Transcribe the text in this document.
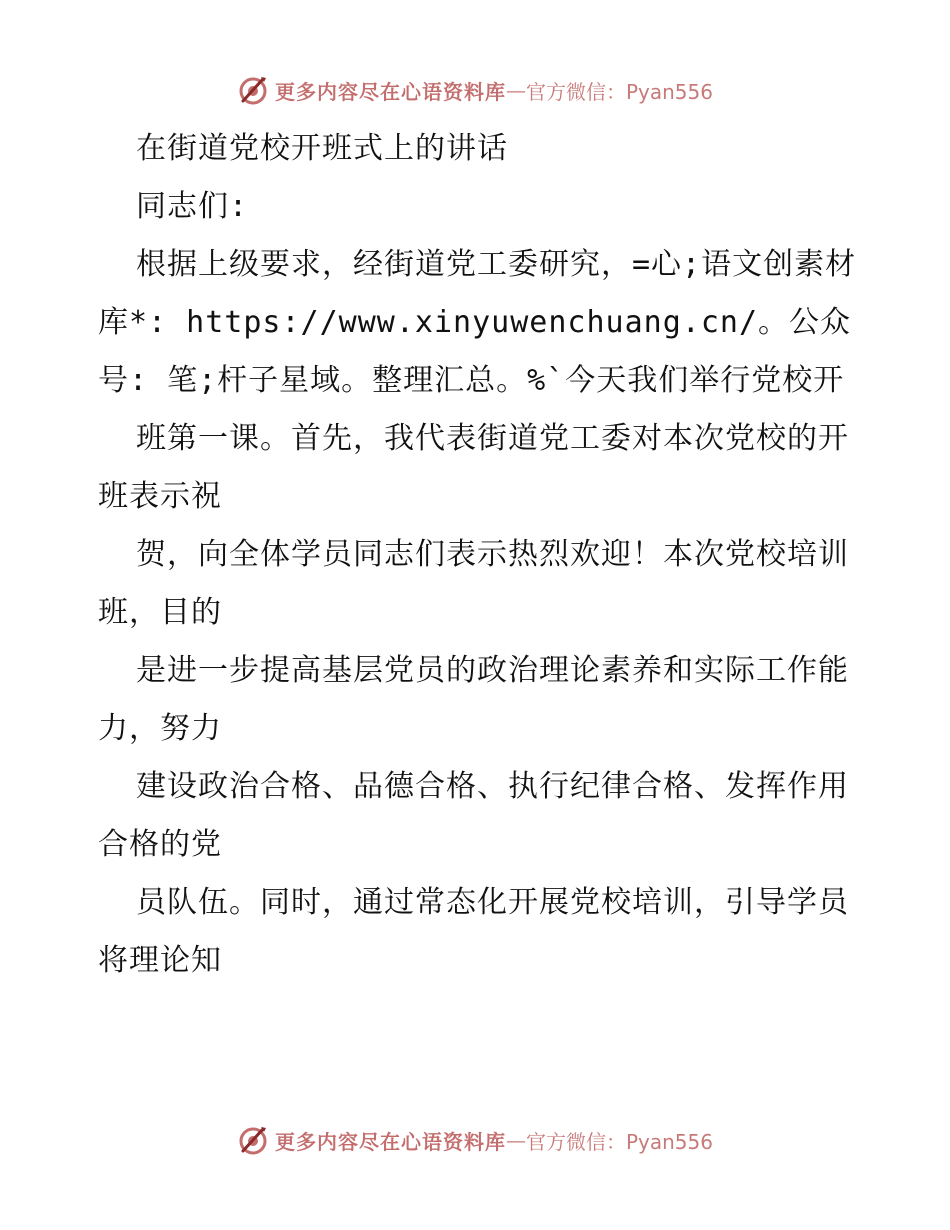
更多内容尽在心语资料库 — 官方微信：Pyan556

在街道党校开班式上的讲话

同志们:

根据上级要求，经街道党工委研究，=心;语文创素材库*: https://www.xinyuwenchuang.cn/。公众号: 笔;杆子星域。整理汇总。%`今天我们举行党校开

班第一课。首先，我代表街道党工委对本次党校的开班表示祝

贺，向全体学员同志们表示热烈欢迎！本次党校培训班，目的

是进一步提高基层党员的政治理论素养和实际工作能力，努力

建设政治合格、品德合格、执行纪律合格、发挥作用合格的党

员队伍。同时，通过常态化开展党校培训，引导学员将理论知

更多内容尽在心语资料库 — 官方微信：Pyan556
